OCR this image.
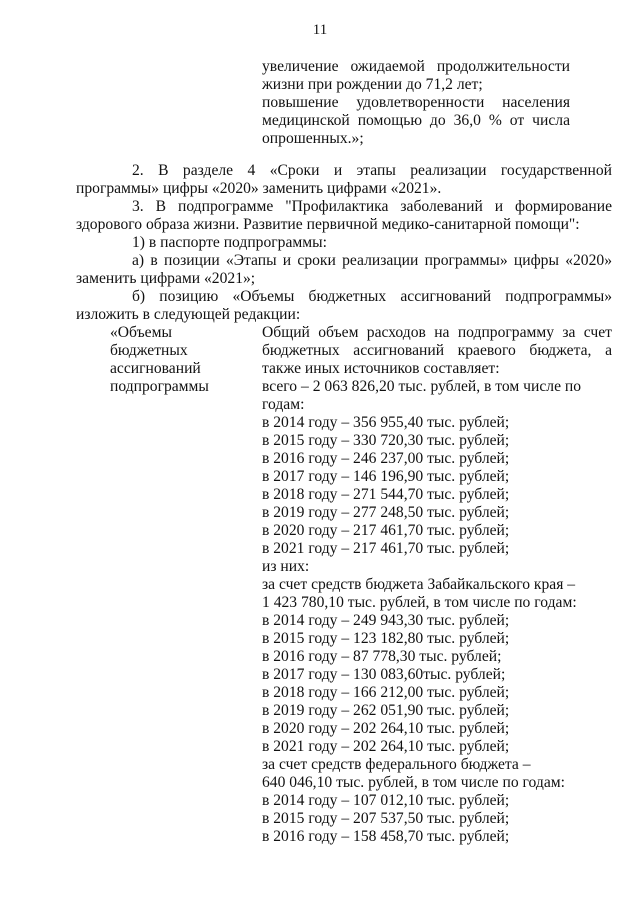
11
увеличение ожидаемой продолжительности
жизни при рождении до 71,2 лет;
повышение удовлетворенности населения
медицинской помощью до 36,0 % от числа
опрошенных.»;
2. В разделе 4 «Сроки и этапы реализации государственной
программы» цифры «2020» заменить цифрами «2021».
3. В подпрограмме "Профилактика заболеваний и формирование
здорового образа жизни. Развитие первичной медико-санитарной помощи":
1) в паспорте подпрограммы:
а) в позиции «Этапы и сроки реализации программы» цифры «2020»
заменить цифрами «2021»;
б) позицию «Объемы бюджетных ассигнований подпрограммы»
изложить в следующей редакции:
«Объемы
бюджетных
ассигнований
подпрограммы
Общий объем расходов на подпрограмму за счет
бюджетных ассигнований краевого бюджета, а
также иных источников составляет:
всего – 2 063 826,20 тыс. рублей, в том числе по
годам:
в 2014 году – 356 955,40 тыс. рублей;
в 2015 году – 330 720,30 тыс. рублей;
в 2016 году – 246 237,00 тыс. рублей;
в 2017 году – 146 196,90 тыс. рублей;
в 2018 году – 271 544,70 тыс. рублей;
в 2019 году – 277 248,50 тыс. рублей;
в 2020 году – 217 461,70 тыс. рублей;
в 2021 году – 217 461,70 тыс. рублей;
из них:
за счет средств бюджета Забайкальского края –
1 423 780,10 тыс. рублей, в том числе по годам:
в 2014 году – 249 943,30 тыс. рублей;
в 2015 году – 123 182,80 тыс. рублей;
в 2016 году – 87 778,30 тыс. рублей;
в 2017 году – 130 083,60тыс. рублей;
в 2018 году – 166 212,00 тыс. рублей;
в 2019 году – 262 051,90 тыс. рублей;
в 2020 году – 202 264,10 тыс. рублей;
в 2021 году – 202 264,10 тыс. рублей;
за счет средств федерального бюджета –
640 046,10 тыс. рублей, в том числе по годам:
в 2014 году – 107 012,10 тыс. рублей;
в 2015 году – 207 537,50 тыс. рублей;
в 2016 году – 158 458,70 тыс. рублей;
